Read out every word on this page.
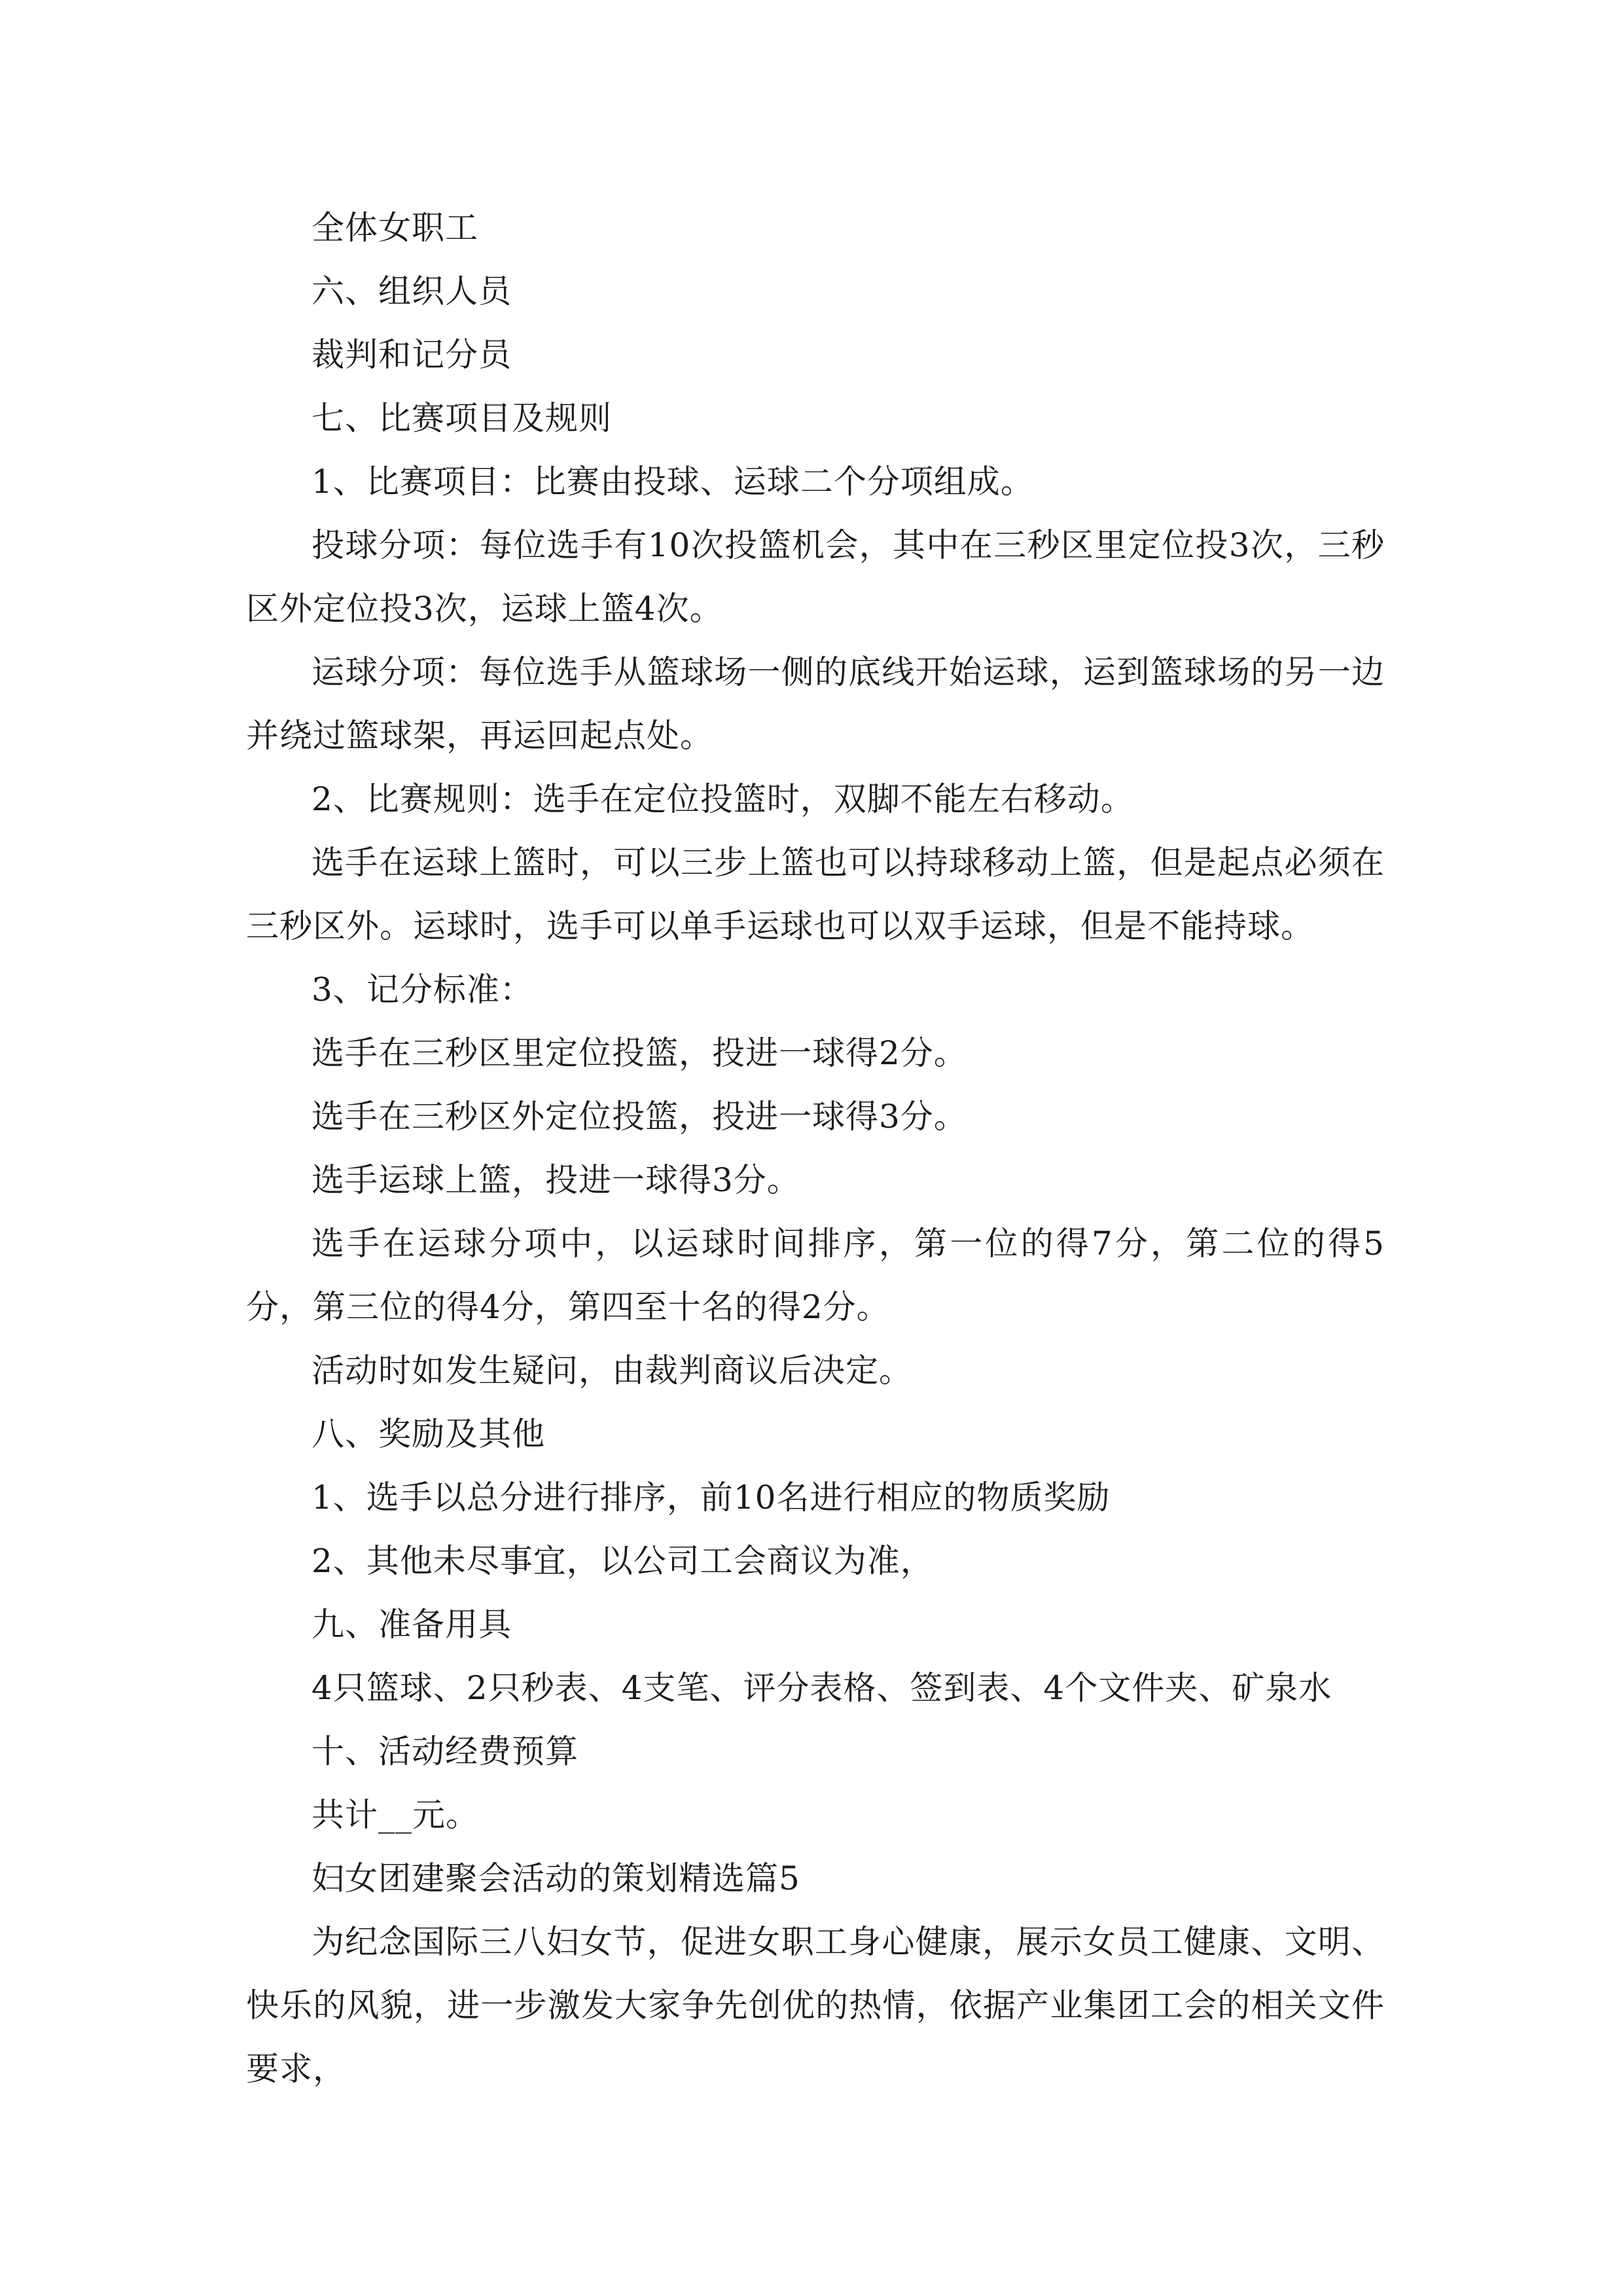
全体女职工

六、组织人员

裁判和记分员

七、比赛项目及规则

1、比赛项目：比赛由投球、运球二个分项组成。

投球分项：每位选手有10次投篮机会，其中在三秒区里定位投3次，三秒区外定位投3次，运球上篮4次。

运球分项：每位选手从篮球场一侧的底线开始运球，运到篮球场的另一边并绕过篮球架，再运回起点处。

2、比赛规则：选手在定位投篮时，双脚不能左右移动。

选手在运球上篮时，可以三步上篮也可以持球移动上篮，但是起点必须在三秒区外。运球时，选手可以单手运球也可以双手运球，但是不能持球。

3、记分标准：

选手在三秒区里定位投篮，投进一球得2分。

选手在三秒区外定位投篮，投进一球得3分。

选手运球上篮，投进一球得3分。

选手在运球分项中，以运球时间排序，第一位的得7分，第二位的得5分，第三位的得4分，第四至十名的得2分。

活动时如发生疑问，由裁判商议后决定。

八、奖励及其他

1、选手以总分进行排序，前10名进行相应的物质奖励

2、其他未尽事宜，以公司工会商议为准，

九、准备用具

4只篮球、2只秒表、4支笔、评分表格、签到表、4个文件夹、矿泉水

十、活动经费预算

共计__元。

妇女团建聚会活动的策划精选篇5

为纪念国际三八妇女节，促进女职工身心健康，展示女员工健康、文明、快乐的风貌，进一步激发大家争先创优的热情，依据产业集团工会的相关文件要求，
